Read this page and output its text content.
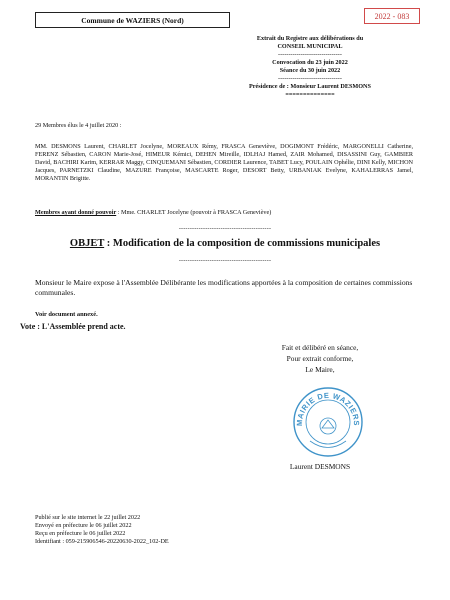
Commune de WAZIERS (Nord)	2022 - 083
Extrait du Registre aux délibérations du
CONSEIL MUNICIPAL
-------------------------------
Convocation du 23 juin 2022
Séance du 30 juin 2022
-------------------------------
Présidence de : Monsieur Laurent DESMONS
==============
29 Membres élus le 4 juillet 2020 :
MM. DESMONS Laurent, CHARLET Jocelyne, MOREAUX Rémy, FRASCA Geneviève, DOGIMONT Frédéric, MARGONELLI Catherine, FERENZ Sébastien, CARON Marie-José, HIMEUR Kémici, DEHEN Mireille, IDLHAJ Hamed, ZAIR Mohamed, DISASSINI Guy, GAMBIER David, BACHIRI Karim, KERRAR Maggy, CINQUEMANI Sébastien, CORDIER Laurence, TABET Lucy, POULAIN Ophélie, DINI Kelly, MICHON Jacques, PARNETZKI Claudine, MAZURE Françoise, MASCARTE Roger, DESORT Betty, URBANIAK Evelyne, KAHALERRAS Jamel, MORANTIN Brigitte.
Membres ayant donné pouvoir : Mme. CHARLET Jocelyne (pouvoir à FRASCA Geneviève)
------------------------------------------
OBJET : Modification de la composition de commissions municipales
------------------------------------------
Monsieur le Maire expose à l'Assemblée Délibérante les modifications apportées à la composition de certaines commissions communales.
Voir document annexé.
Vote : L'Assemblée prend acte.
Fait et délibéré en séance,
Pour extrait conforme,
Le Maire,
MAIRIE DE WAZIERS
Laurent DESMONS
Publié sur le site internet le 22 juillet 2022
Envoyé en préfecture le 06 juillet 2022
Reçu en préfecture le 06 juillet 2022
Identifiant : 059-215906546-20220630-2022_102-DE
